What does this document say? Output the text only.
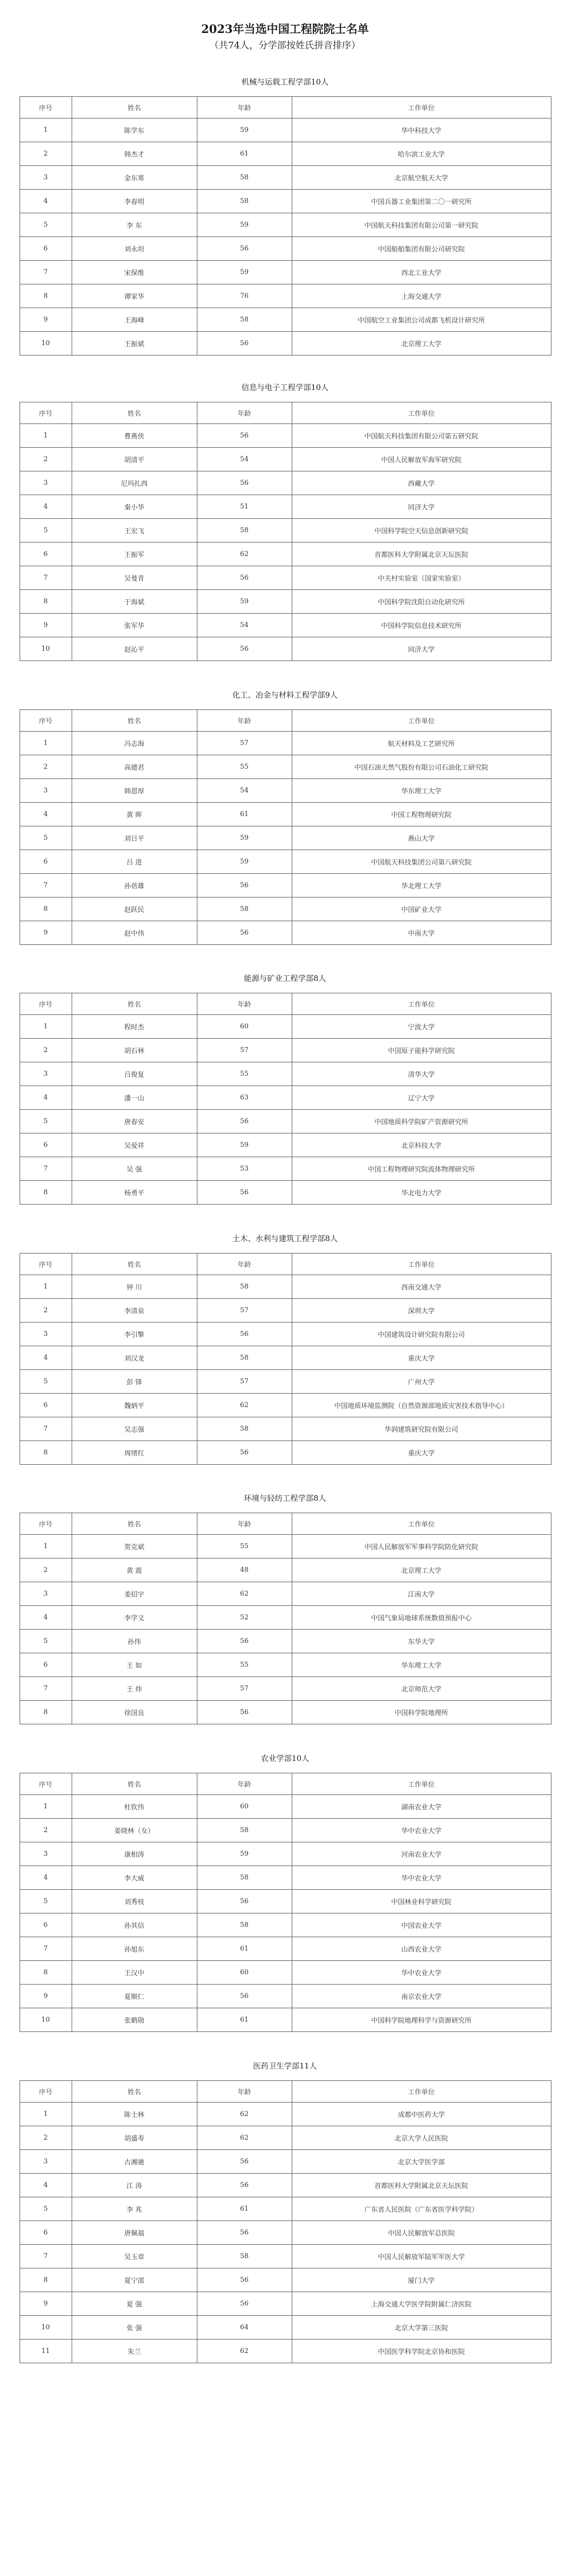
2023年当选中国工程院院士名单
（共74人，分学部按姓氏拼音排序）
机械与运载工程学部10人
序号	姓名	年龄	工作单位
1	陈学东	59	华中科技大学
2	韩杰才	61	哈尔滨工业大学
3	金东寒	58	北京航空航天大学
4	李春明	58	中国兵器工业集团第二〇一研究所
5	李 东	59	中国航天科技集团有限公司第一研究院
6	刘永坦	56	中国船舶集团有限公司研究院
7	宋保维	59	西北工业大学
8	谭家华	76	上海交通大学
9	王海峰	58	中国航空工业集团公司成都飞机设计研究所
10	王振斌	56	北京理工大学
信息与电子工程学部10人
序号	姓名	年龄	工作单位
1	曹燕侠	56	中国航天科技集团有限公司第五研究院
2	胡清平	54	中国人民解放军海军研究院
3	尼玛扎西	56	西藏大学
4	秦小华	51	同济大学
5	王宏飞	58	中国科学院空天信息创新研究院
6	王振军	62	首都医科大学附属北京天坛医院
7	吴曼青	56	中关村实验室（国家实验室）
8	于海斌	59	中国科学院沈阳自动化研究所
9	张军华	54	中国科学院信息技术研究所
10	赵沁平	56	同济大学
化工、冶金与材料工程学部9人
序号	姓名	年龄	工作单位
1	冯志海	57	航天材料及工艺研究所
2	高德君	55	中国石油天然气股份有限公司石油化工研究院
3	韩恩厚	54	华东理工大学
4	黄 晖	61	中国工程物理研究院
5	刘日平	59	燕山大学
6	吕 进	59	中国航天科技集团公司第八研究院
7	孙蓓雄	56	华北理工大学
8	赵跃民	58	中国矿业大学
9	赵中伟	56	中南大学
能源与矿业工程学部8人
序号	姓名	年龄	工作单位
1	程时杰	60	宁波大学
2	胡石林	57	中国原子能科学研究院
3	吕俊复	55	清华大学
4	潘一山	63	辽宁大学
5	唐春安	56	中国地质科学院矿产资源研究所
6	吴爱祥	59	北京科技大学
7	吴 强	53	中国工程物理研究院流体物理研究所
8	杨勇平	56	华北电力大学
土木、水利与建筑工程学部8人
序号	姓名	年龄	工作单位
1	钟 川	58	西南交通大学
2	李清泉	57	深圳大学
3	李引擎	56	中国建筑设计研究院有限公司
4	刘汉龙	58	重庆大学
5	彭 锋	57	广州大学
6	魏炳平	62	中国地质环境监测院（自然资源部地质灾害技术指导中心）
7	吴志强	58	华润建筑研究院有限公司
8	周绪红	56	重庆大学
环境与轻纺工程学部8人
序号	姓名	年龄	工作单位
1	贺克斌	55	中国人民解放军军事科学院防化研究院
2	黄 震	48	北京理工大学
3	姜招宇	62	江南大学
4	李学文	52	中国气象局地球系统数值预报中心
5	孙伟	56	东华大学
6	王 如	55	华东理工大学
7	王 炜	57	北京师范大学
8	徐国良	56	中国科学院地理所
农业学部10人
序号	姓名	年龄	工作单位
1	杜钦伟	60	湖南农业大学
2	姜晓林（女）	58	华中农业大学
3	康相涛	59	河南农业大学
4	李大威	58	华中农业大学
5	刘秀枝	56	中国林业科学研究院
6	孙其信	58	中国农业大学
7	孙旭东	61	山西农业大学
8	王汉中	60	华中农业大学
9	夏顺仁	56	南京农业大学
10	张鹤勋	61	中国科学院地理科学与资源研究所
医药卫生学部11人
序号	姓名	年龄	工作单位
1	陈士林	62	成都中医药大学
2	胡盛寿	62	北京大学人民医院
3	古湘驰	56	北京大学医学部
4	江 涛	56	首都医科大学附属北京天坛医院
5	李 兆	61	广东省人民医院（广东省医学科学院）
6	唐佩福	56	中国人民解放军总医院
7	吴玉章	58	中国人民解放军陆军军医大学
8	夏宁邵	56	厦门大学
9	夏 强	56	上海交通大学医学院附属仁济医院
10	张 强	64	北京大学第三医院
11	朱兰	62	中国医学科学院北京协和医院
